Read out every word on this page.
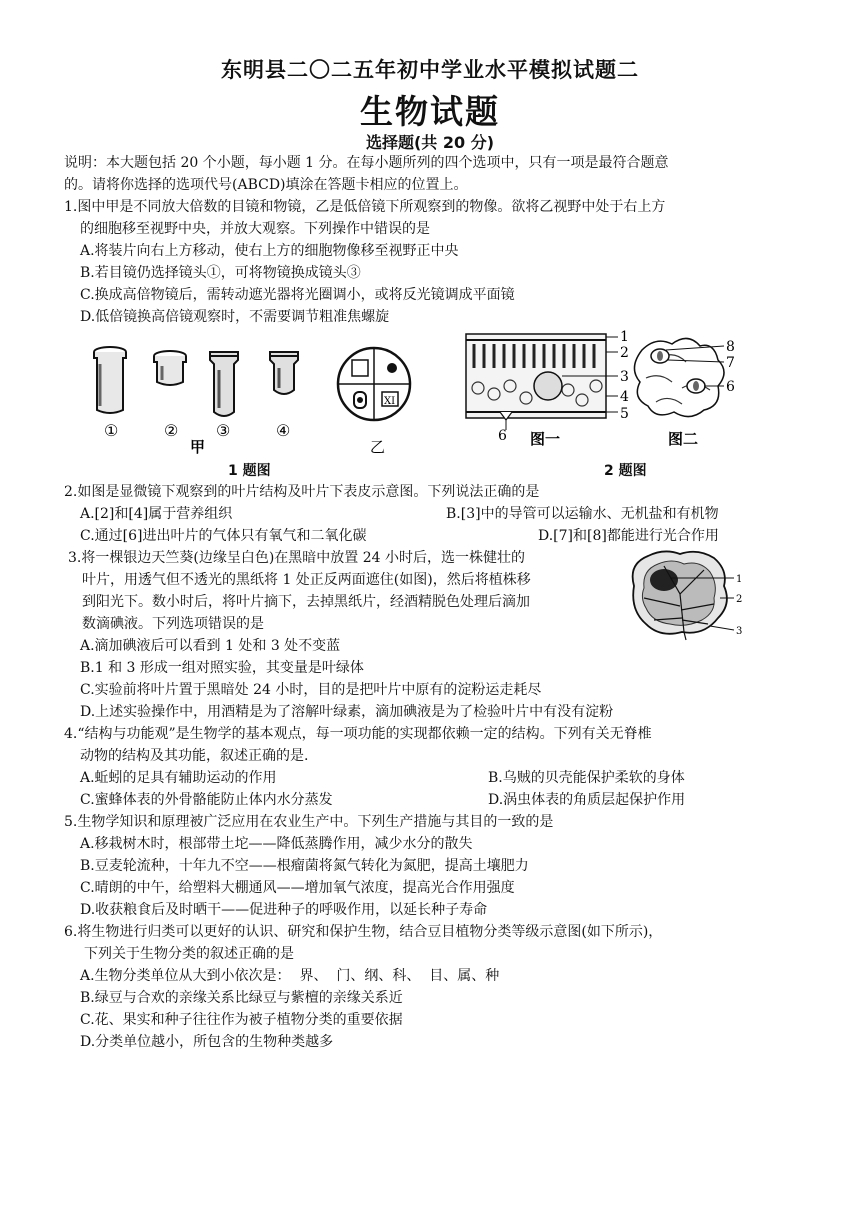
东明县二〇二五年初中学业水平模拟试题二
生物试题
选择题(共 20 分)
说明：本大题包括 20 个小题，每小题 1 分。在每小题所列的四个选项中，只有一项是最符合题意
的。请将你选择的选项代号(ABCD)填涂在答题卡相应的位置上。
1.图中甲是不同放大倍数的目镜和物镜，乙是低倍镜下所观察到的物像。欲将乙视野中处于右上方
的细胞移至视野中央，并放大观察。下列操作中错误的是
A.将装片向右上方移动，使右上方的细胞物像移至视野正中央
B.若目镜仍选择镜头①，可将物镜换成镜头③
C.换成高倍物镜后，需转动遮光器将光圈调小，或将反光镜调成平面镜
D.低倍镜换高倍镜观察时，不需要调节粗准焦螺旋
①	② ③	④
甲
XI
乙
1 题图
1
2
3
4
5
6 图一
8
7
6
图二
2 题图
2.如图是显微镜下观察到的叶片结构及叶片下表皮示意图。下列说法正确的是
A.[2]和[4]属于营养组织	B.[3]中的导管可以运输水、无机盐和有机物
C.通过[6]进出叶片的气体只有氧气和二氧化碳	D.[7]和[8]都能进行光合作用
3.将一棵银边天竺葵(边缘呈白色)在黑暗中放置 24 小时后，选一株健壮的
叶片，用透气但不透光的黑纸将 1 处正反两面遮住(如图)，然后将植株移
到阳光下。数小时后，将叶片摘下，去掉黑纸片，经酒精脱色处理后滴加
数滴碘液。下列选项错误的是
1
2
3
A.滴加碘液后可以看到 1 处和 3 处不变蓝
B.1 和 3 形成一组对照实验，其变量是叶绿体
C.实验前将叶片置于黑暗处 24 小时，目的是把叶片中原有的淀粉运走耗尽
D.上述实验操作中，用酒精是为了溶解叶绿素，滴加碘液是为了检验叶片中有没有淀粉
4.“结构与功能观”是生物学的基本观点，每一项功能的实现都依赖一定的结构。下列有关无脊椎
动物的结构及其功能，叙述正确的是.
A.蚯蚓的足具有辅助运动的作用	B.乌贼的贝壳能保护柔软的身体
C.蜜蜂体表的外骨骼能防止体内水分蒸发	D.涡虫体表的角质层起保护作用
5.生物学知识和原理被广泛应用在农业生产中。下列生产措施与其目的一致的是
A.移栽树木时，根部带土坨——降低蒸腾作用，减少水分的散失
B.豆麦轮流种，十年九不空——根瘤菌将氮气转化为氮肥，提高土壤肥力
C.晴朗的中午，给塑料大棚通风——增加氧气浓度，提高光合作用强度
D.收获粮食后及时晒干——促进种子的呼吸作用，以延长种子寿命
6.将生物进行归类可以更好的认识、研究和保护生物，结合豆目植物分类等级示意图(如下所示)，
下列关于生物分类的叙述正确的是
A.生物分类单位从大到小依次是：  界、  门、纲、科、  目、属、种
B.绿豆与合欢的亲缘关系比绿豆与紫檀的亲缘关系近
C.花、果实和种子往往作为被子植物分类的重要依据
D.分类单位越小，所包含的生物种类越多
